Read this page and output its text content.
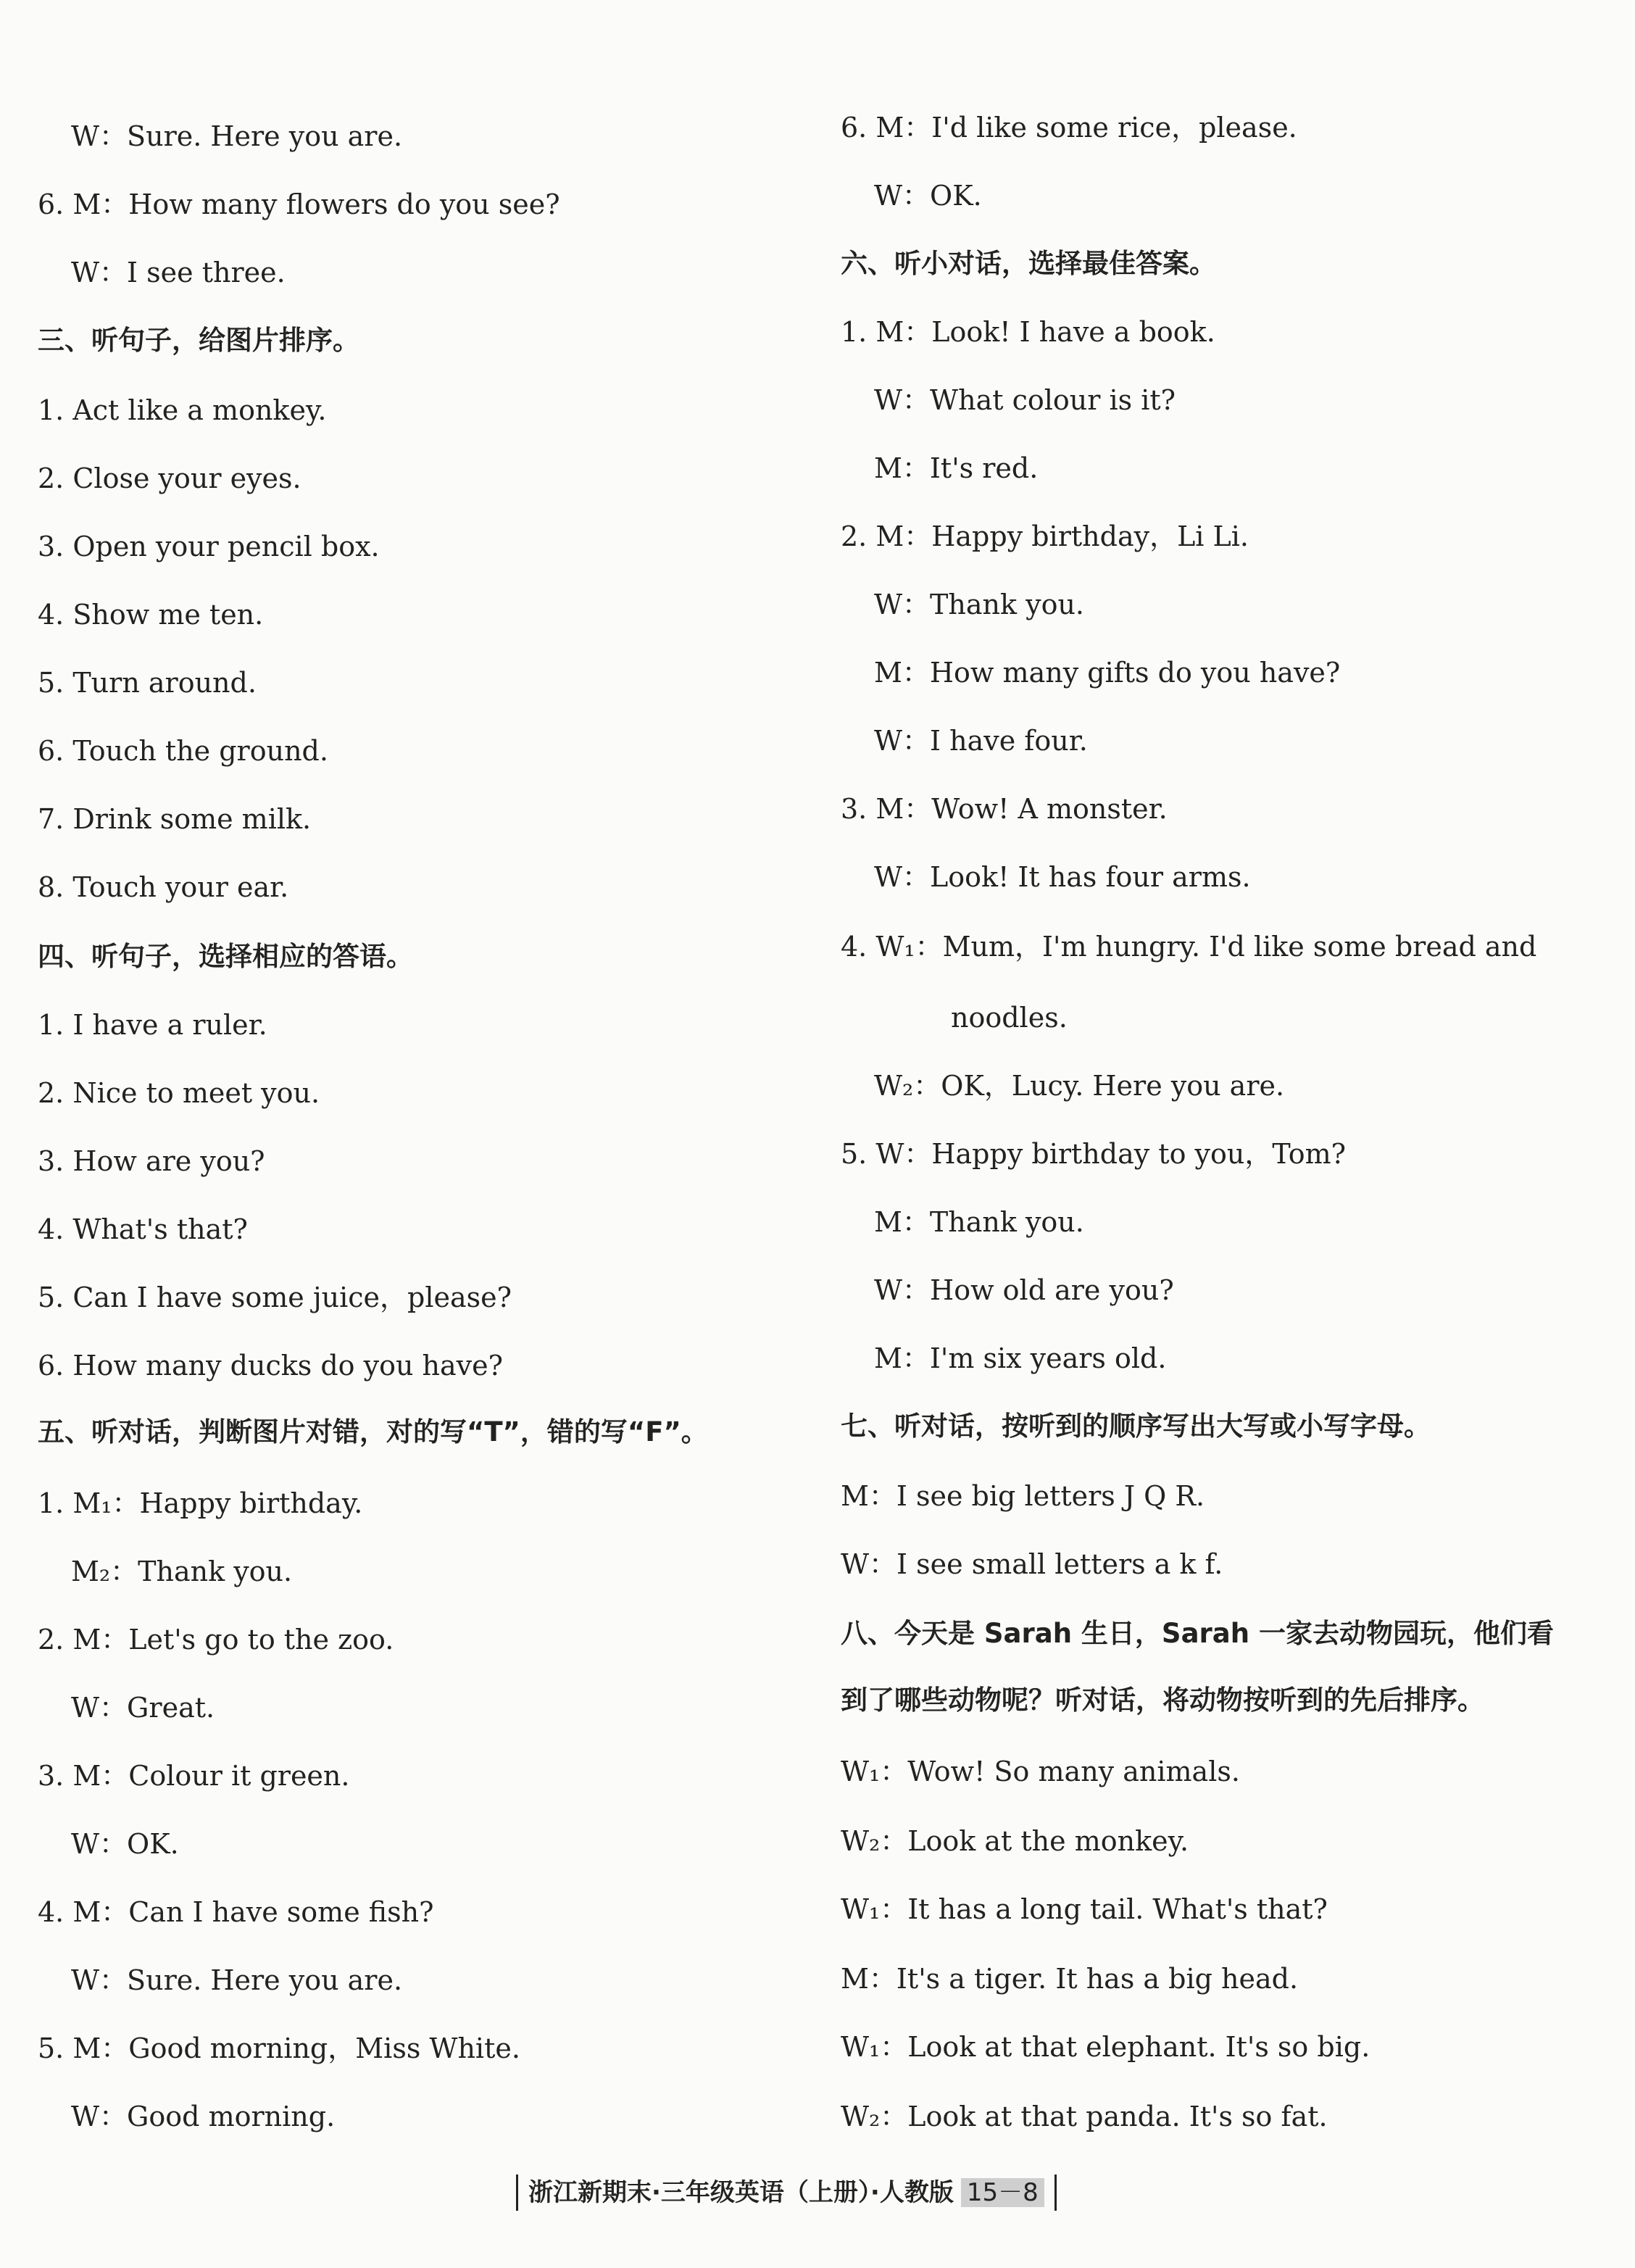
W：Sure. Here you are.
6. M：How many flowers do you see?
W：I see three.
三、听句子，给图片排序。
1. Act like a monkey.
2. Close your eyes.
3. Open your pencil box.
4. Show me ten.
5. Turn around.
6. Touch the ground.
7. Drink some milk.
8. Touch your ear.
四、听句子，选择相应的答语。
1. I have a ruler.
2. Nice to meet you.
3. How are you?
4. What's that?
5. Can I have some juice，please?
6. How many ducks do you have?
五、听对话，判断图片对错，对的写“T”，错的写“F”。
1. M₁：Happy birthday.
M₂：Thank you.
2. M：Let's go to the zoo.
W：Great.
3. M：Colour it green.
W：OK.
4. M：Can I have some fish?
W：Sure. Here you are.
5. M：Good morning，Miss White.
W：Good morning.
6. M：I'd like some rice，please.
W：OK.
六、听小对话，选择最佳答案。
1. M：Look! I have a book.
W：What colour is it?
M：It's red.
2. M：Happy birthday，Li Li.
W：Thank you.
M：How many gifts do you have?
W：I have four.
3. M：Wow! A monster.
W：Look! It has four arms.
4. W₁：Mum，I'm hungry. I'd like some bread and
noodles.
W₂：OK，Lucy. Here you are.
5. W：Happy birthday to you，Tom?
M：Thank you.
W：How old are you?
M：I'm six years old.
七、听对话，按听到的顺序写出大写或小写字母。
M：I see big letters J Q R.
W：I see small letters a k f.
八、今天是 Sarah 生日，Sarah 一家去动物园玩，他们看
到了哪些动物呢？听对话，将动物按听到的先后排序。
W₁：Wow! So many animals.
W₂：Look at the monkey.
W₁：It has a long tail. What's that?
M：It's a tiger. It has a big head.
W₁：Look at that elephant. It's so big.
W₂：Look at that panda. It's so fat.
浙江新期末·三年级英语（上册）·人教版 15－8
